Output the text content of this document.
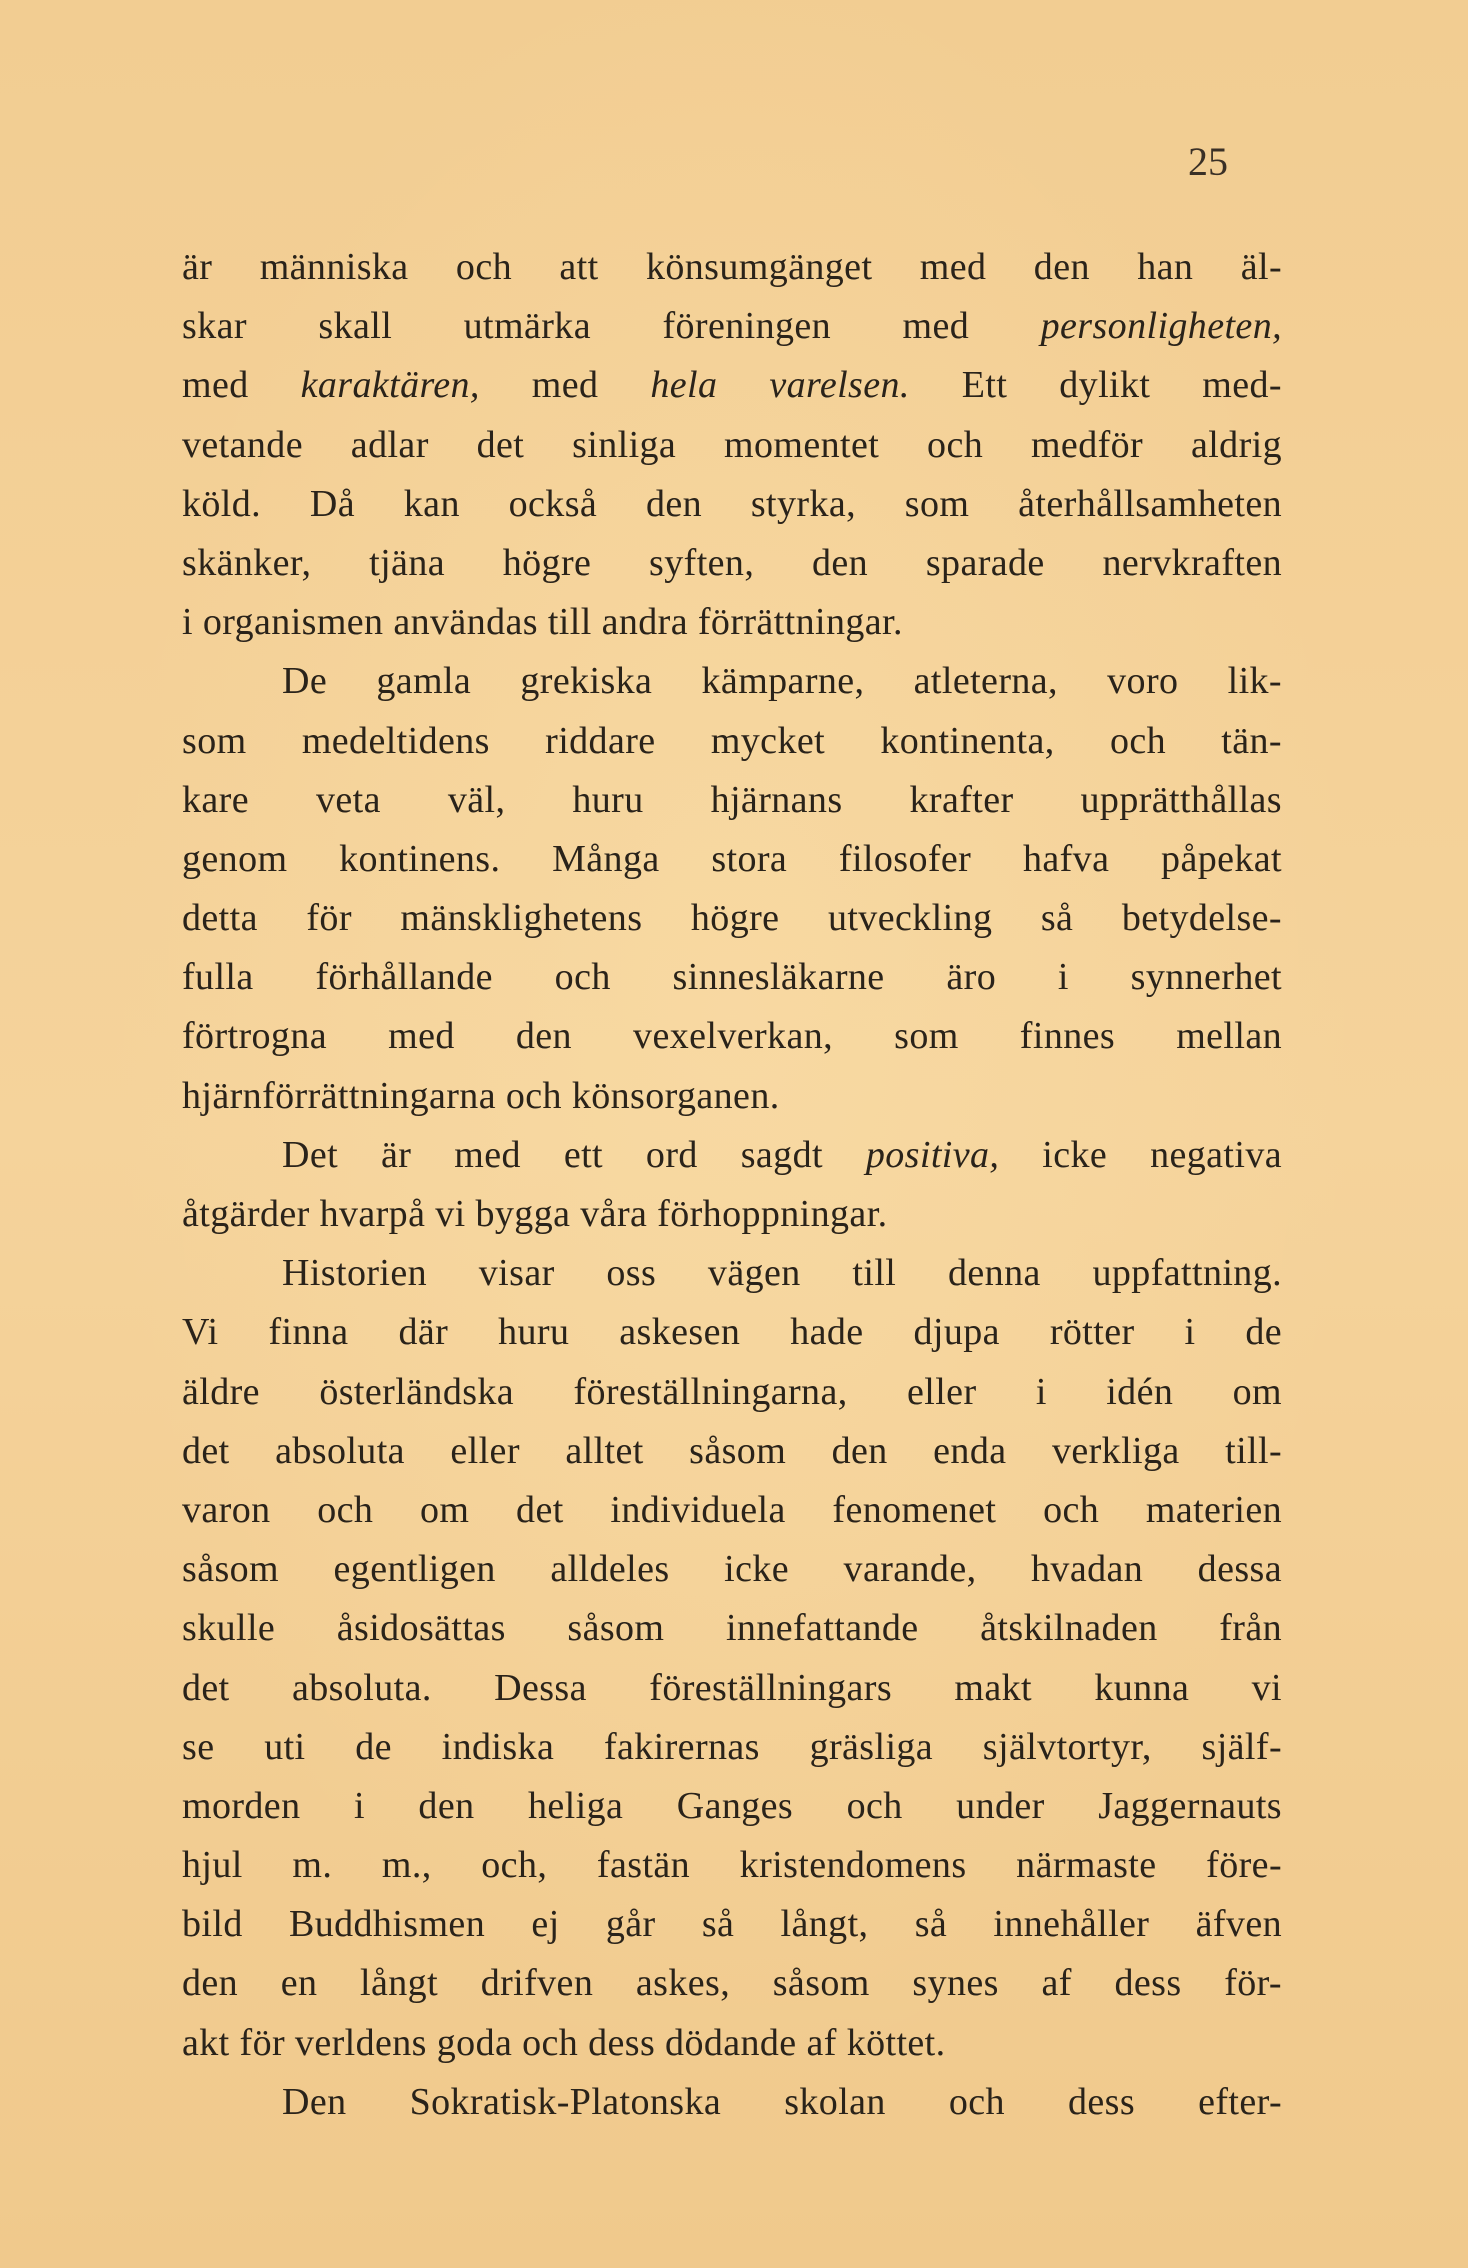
25
är människa och att könsumgänget med den han äl-
skar skall utmärka föreningen med personligheten,
med karaktären, med hela varelsen. Ett dylikt med-
vetande adlar det sinliga momentet och medför aldrig
köld. Då kan också den styrka, som återhållsamheten
skänker, tjäna högre syften, den sparade nervkraften
i organismen användas till andra förrättningar.
De gamla grekiska kämparne, atleterna, voro lik-
som medeltidens riddare mycket kontinenta, och tän-
kare veta väl, huru hjärnans krafter upprätthållas
genom kontinens. Många stora filosofer hafva påpekat
detta för mänsklighetens högre utveckling så betydelse-
fulla förhållande och sinnesläkarne äro i synnerhet
förtrogna med den vexelverkan, som finnes mellan
hjärnförrättningarna och könsorganen.
Det är med ett ord sagdt positiva, icke negativa
åtgärder hvarpå vi bygga våra förhoppningar.
Historien visar oss vägen till denna uppfattning.
Vi finna där huru askesen hade djupa rötter i de
äldre österländska föreställningarna, eller i idén om
det absoluta eller alltet såsom den enda verkliga till-
varon och om det individuela fenomenet och materien
såsom egentligen alldeles icke varande, hvadan dessa
skulle åsidosättas såsom innefattande åtskilnaden från
det absoluta. Dessa föreställningars makt kunna vi
se uti de indiska fakirernas gräsliga självtortyr, själf-
morden i den heliga Ganges och under Jaggernauts
hjul m. m., och, fastän kristendomens närmaste före-
bild Buddhismen ej går så långt, så innehåller äfven
den en långt drifven askes, såsom synes af dess för-
akt för verldens goda och dess dödande af köttet.
Den Sokratisk-Platonska skolan och dess efter-
